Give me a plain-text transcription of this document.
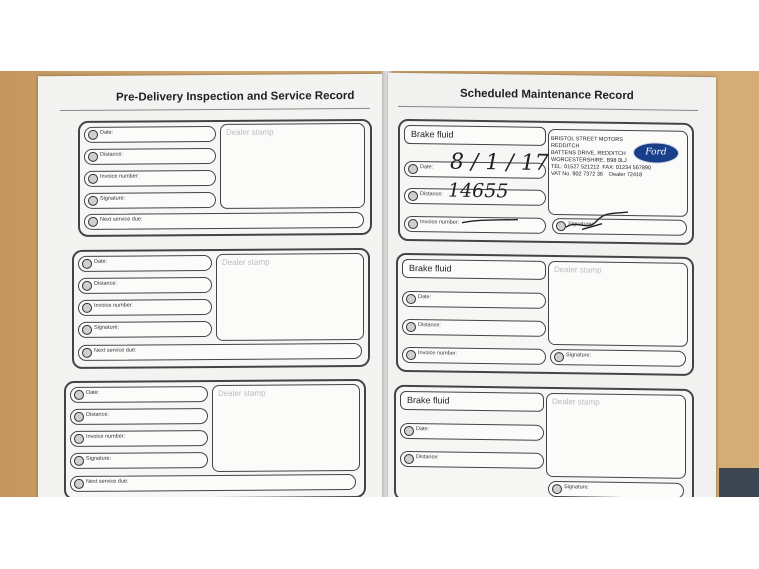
Pre-Delivery Inspection and Service Record
Date:
Distance:
Invoice number:
Signature:
Next service due:
Dealer stamp
Date:
Distance:
Invoice number:
Signature:
Next service due:
Dealer stamp
Date:
Distance:
Invoice number:
Signature:
Next service due:
Dealer stamp
Scheduled Maintenance Record
Brake fluid
Date:
Distance:
Invoice number:	Signature:
BRISTOL STREET MOTORS
REDDITCH
BATTENS DRIVE, REDDITCH
WORCESTERSHIRE. B98 0LJ
TEL: 01527 521212 FAX: 01234 567890
VAT No. 902 7372 36 Dealer 72418
Ford
8 / 1 / 17
14655
Brake fluid
Date:
Distance:
Invoice number:	Signature:
Dealer stamp
Brake fluid
Date:
Distance:
Signature:
Dealer stamp
